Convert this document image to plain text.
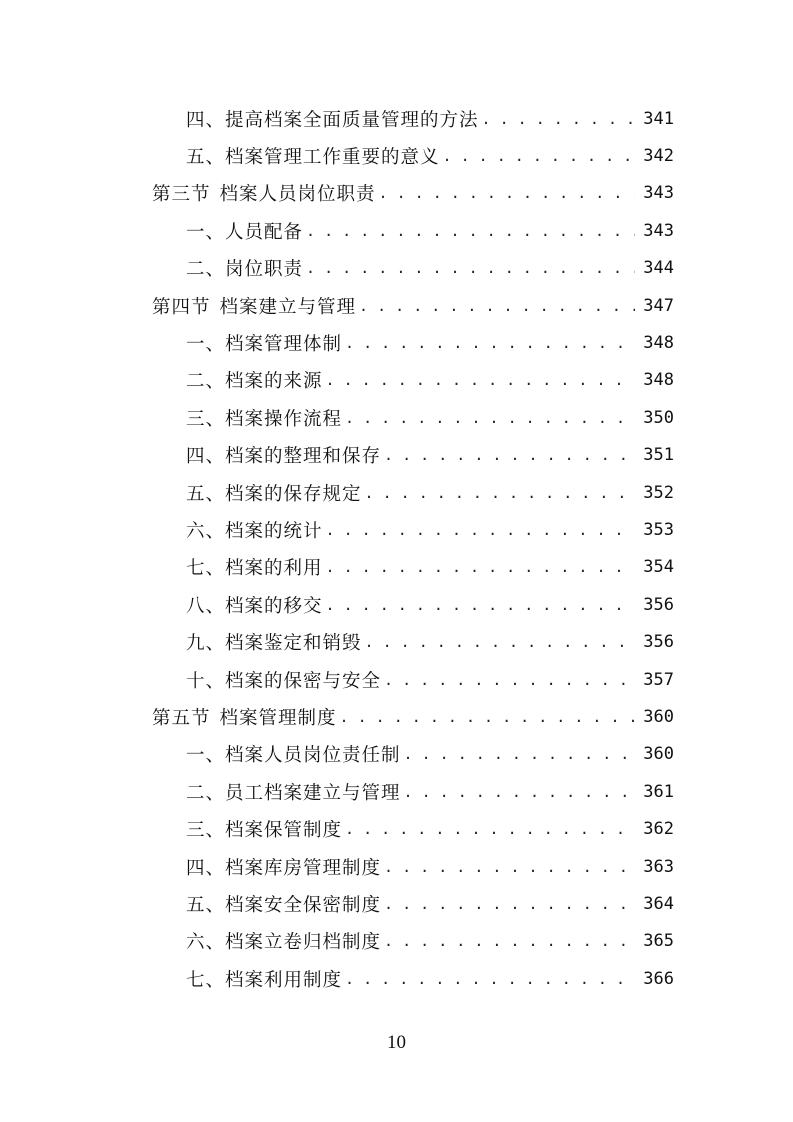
四、提高档案全面质量管理的方法 . . .	341
五、档案管理工作重要的意义 . . .	342
第三节 档案人员岗位职责 . . .	343
一、人员配备 . . .	343
二、岗位职责 . . .	344
第四节 档案建立与管理 . . .	347
一、档案管理体制 . . .	348
二、档案的来源 . . .	348
三、档案操作流程 . . .	350
四、档案的整理和保存 . . .	351
五、档案的保存规定 . . .	352
六、档案的统计 . . .	353
七、档案的利用 . . .	354
八、档案的移交 . . .	356
九、档案鉴定和销毁 . . .	356
十、档案的保密与安全 . . .	357
第五节 档案管理制度 . . .	360
一、档案人员岗位责任制 . . .	360
二、员工档案建立与管理 . . .	361
三、档案保管制度 . . .	362
四、档案库房管理制度 . . .	363
五、档案安全保密制度 . . .	364
六、档案立卷归档制度 . . .	365
七、档案利用制度 . . .	366
10
